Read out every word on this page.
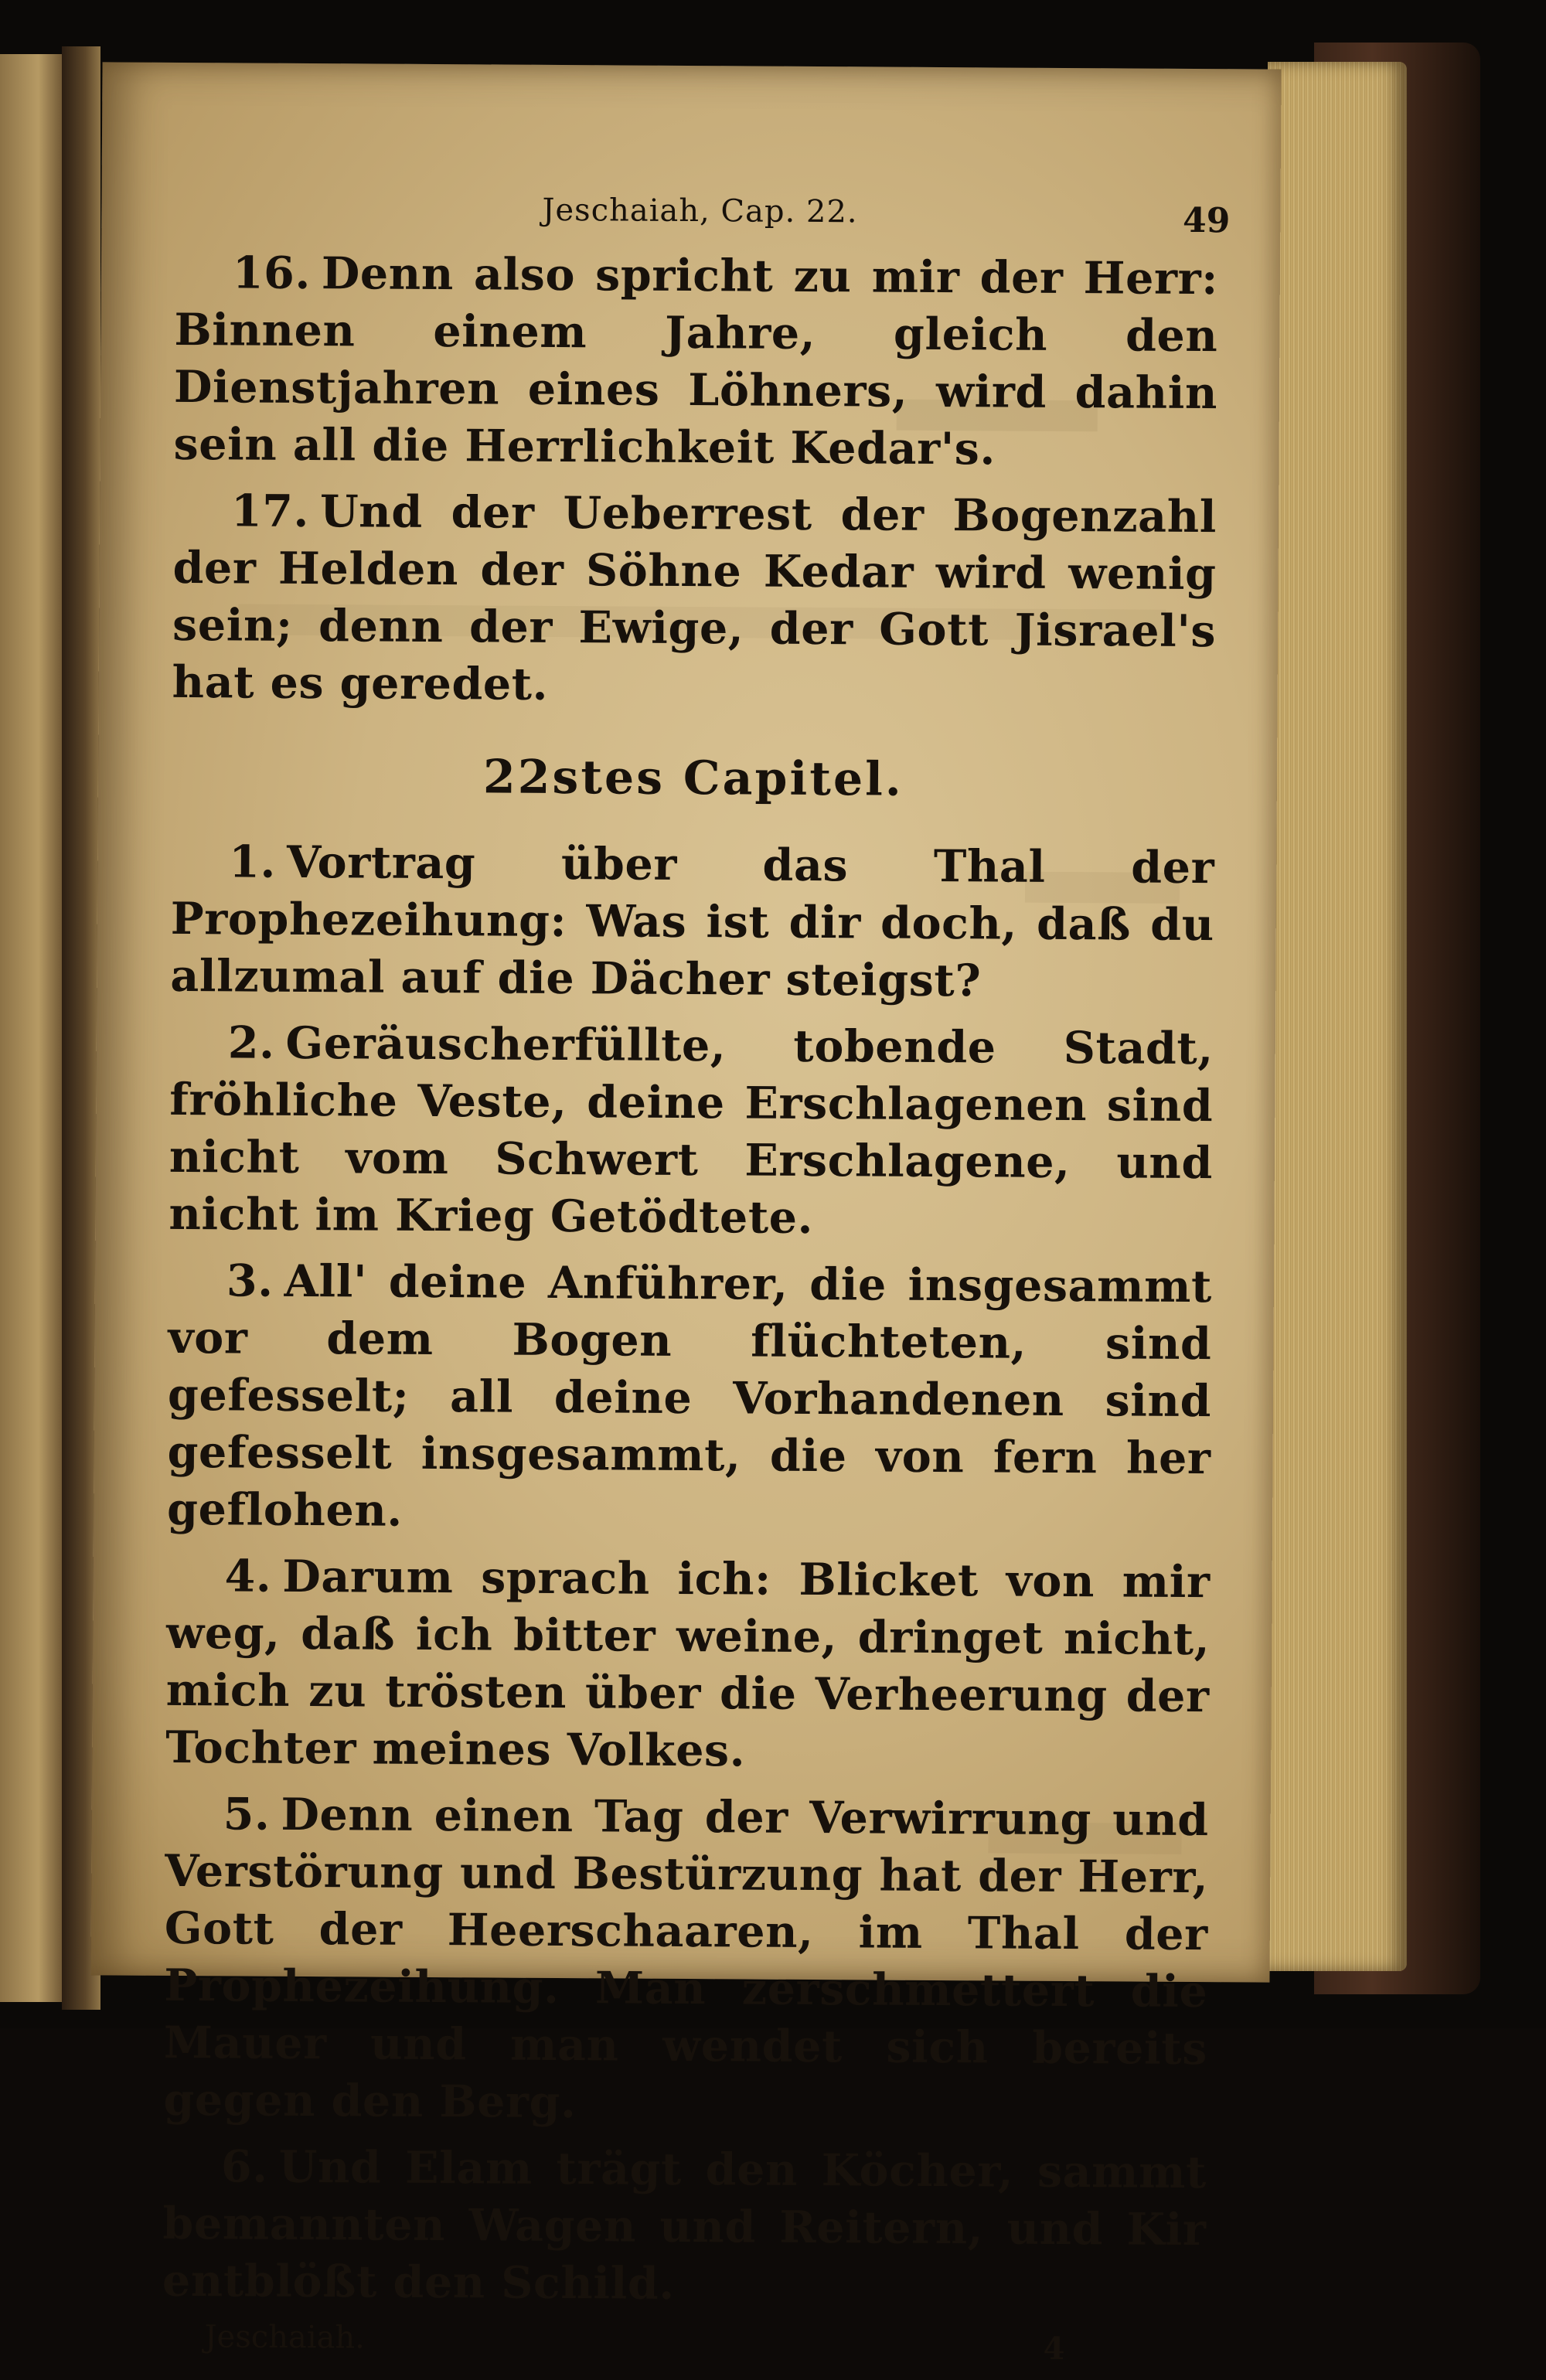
Jeschaiah, Cap. 22.	49

16. Denn also spricht zu mir der Herr: Binnen einem Jahre, gleich den Dienstjahren eines Löhners, wird dahin sein all die Herrlichkeit Kedar's.

17. Und der Ueberrest der Bogenzahl der Helden der Söhne Kedar wird wenig sein; denn der Ewige, der Gott Jisrael's hat es geredet.

22stes Capitel.

1. Vortrag über das Thal der Prophezeihung: Was ist dir doch, daß du allzumal auf die Dächer steigst?

2. Geräuscherfüllte, tobende Stadt, fröhliche Veste, deine Erschlagenen sind nicht vom Schwert Erschlagene, und nicht im Krieg Getödtete.

3. All' deine Anführer, die insgesammt vor dem Bogen flüchteten, sind gefesselt; all deine Vorhandenen sind gefesselt insgesammt, die von fern her geflohen.

4. Darum sprach ich: Blicket von mir weg, daß ich bitter weine, dringet nicht, mich zu trösten über die Verheerung der Tochter meines Volkes.

5. Denn einen Tag der Verwirrung und Verstörung und Bestürzung hat der Herr, Gott der Heerschaaren, im Thal der Prophezeihung. Man zerschmettert die Mauer und man wendet sich bereits gegen den Berg.

6. Und Elam trägt den Köcher, sammt bemannten Wagen und Reitern, und Kir entblößt den Schild.

Jeschaiah.	4
